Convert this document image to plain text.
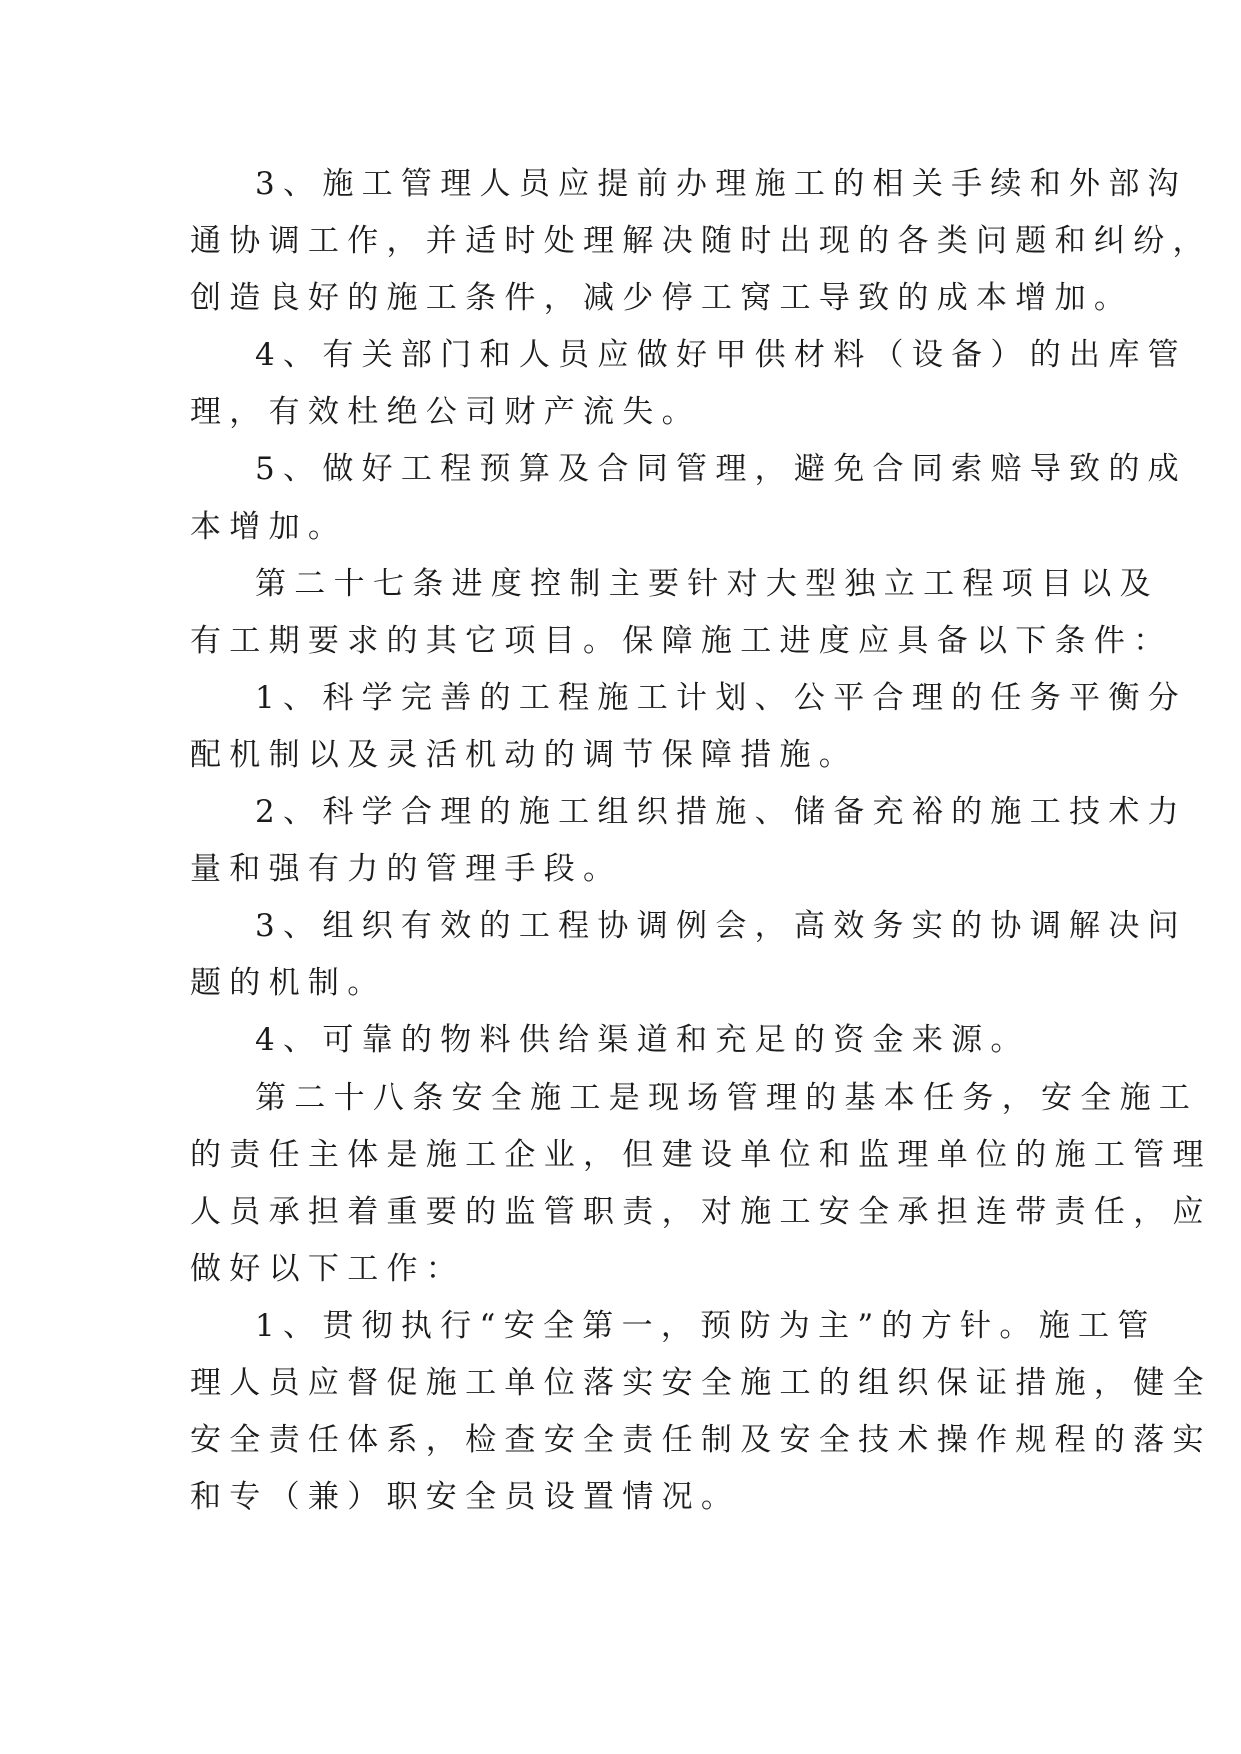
3、施工管理人员应提前办理施工的相关手续和外部沟
通协调工作，并适时处理解决随时出现的各类问题和纠纷，
创造良好的施工条件，减少停工窝工导致的成本增加。
4、有关部门和人员应做好甲供材料（设备）的出库管
理，有效杜绝公司财产流失。
5、做好工程预算及合同管理，避免合同索赔导致的成
本增加。
第二十七条进度控制主要针对大型独立工程项目以及
有工期要求的其它项目。保障施工进度应具备以下条件：
1、科学完善的工程施工计划、公平合理的任务平衡分
配机制以及灵活机动的调节保障措施。
2、科学合理的施工组织措施、储备充裕的施工技术力
量和强有力的管理手段。
3、组织有效的工程协调例会，高效务实的协调解决问
题的机制。
4、可靠的物料供给渠道和充足的资金来源。
第二十八条安全施工是现场管理的基本任务，安全施工
的责任主体是施工企业，但建设单位和监理单位的施工管理
人员承担着重要的监管职责，对施工安全承担连带责任，应
做好以下工作：
1、贯彻执行“安全第一，预防为主”的方针。施工管
理人员应督促施工单位落实安全施工的组织保证措施，健全
安全责任体系，检查安全责任制及安全技术操作规程的落实
和专（兼）职安全员设置情况。
